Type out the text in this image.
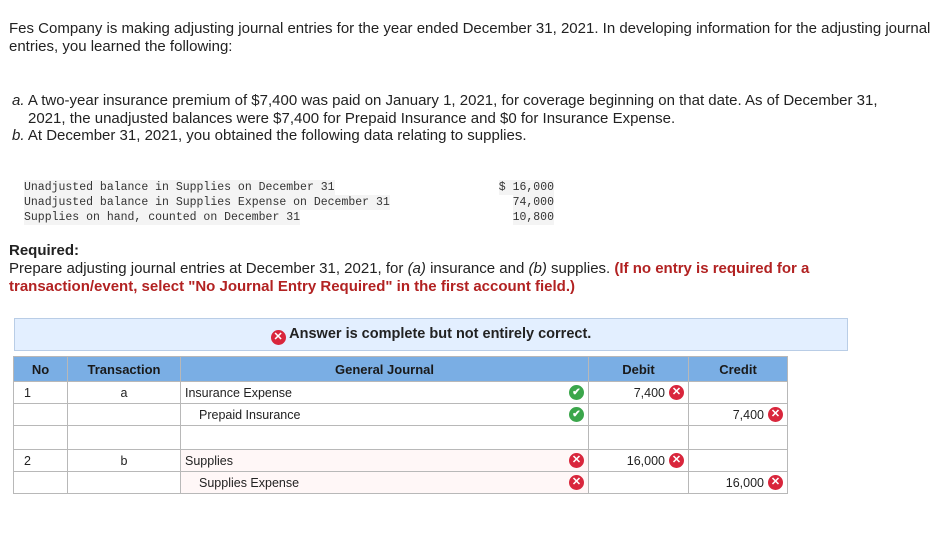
Fes Company is making adjusting journal entries for the year ended December 31, 2021. In developing information for the adjusting journal entries, you learned the following:
a. A two-year insurance premium of $7,400 was paid on January 1, 2021, for coverage beginning on that date. As of December 31,
2021, the unadjusted balances were $7,400 for Prepaid Insurance and $0 for Insurance Expense.
b. At December 31, 2021, you obtained the following data relating to supplies.
Unadjusted balance in Supplies on December 31	$ 16,000
Unadjusted balance in Supplies Expense on December 31	74,000
Supplies on hand, counted on December 31	10,800
Required:
Prepare adjusting journal entries at December 31, 2021, for (a) insurance and (b) supplies. (If no entry is required for a transaction/event, select "No Journal Entry Required" in the first account field.)
✕ Answer is complete but not entirely correct.
No	Transaction	General Journal	Debit	Credit
1	a	Insurance Expense ✔	7,400 ✕	

		Prepaid Insurance ✔		7,400 ✕

2	b	Supplies ✕	16,000 ✕	

		Supplies Expense ✕		16,000 ✕
